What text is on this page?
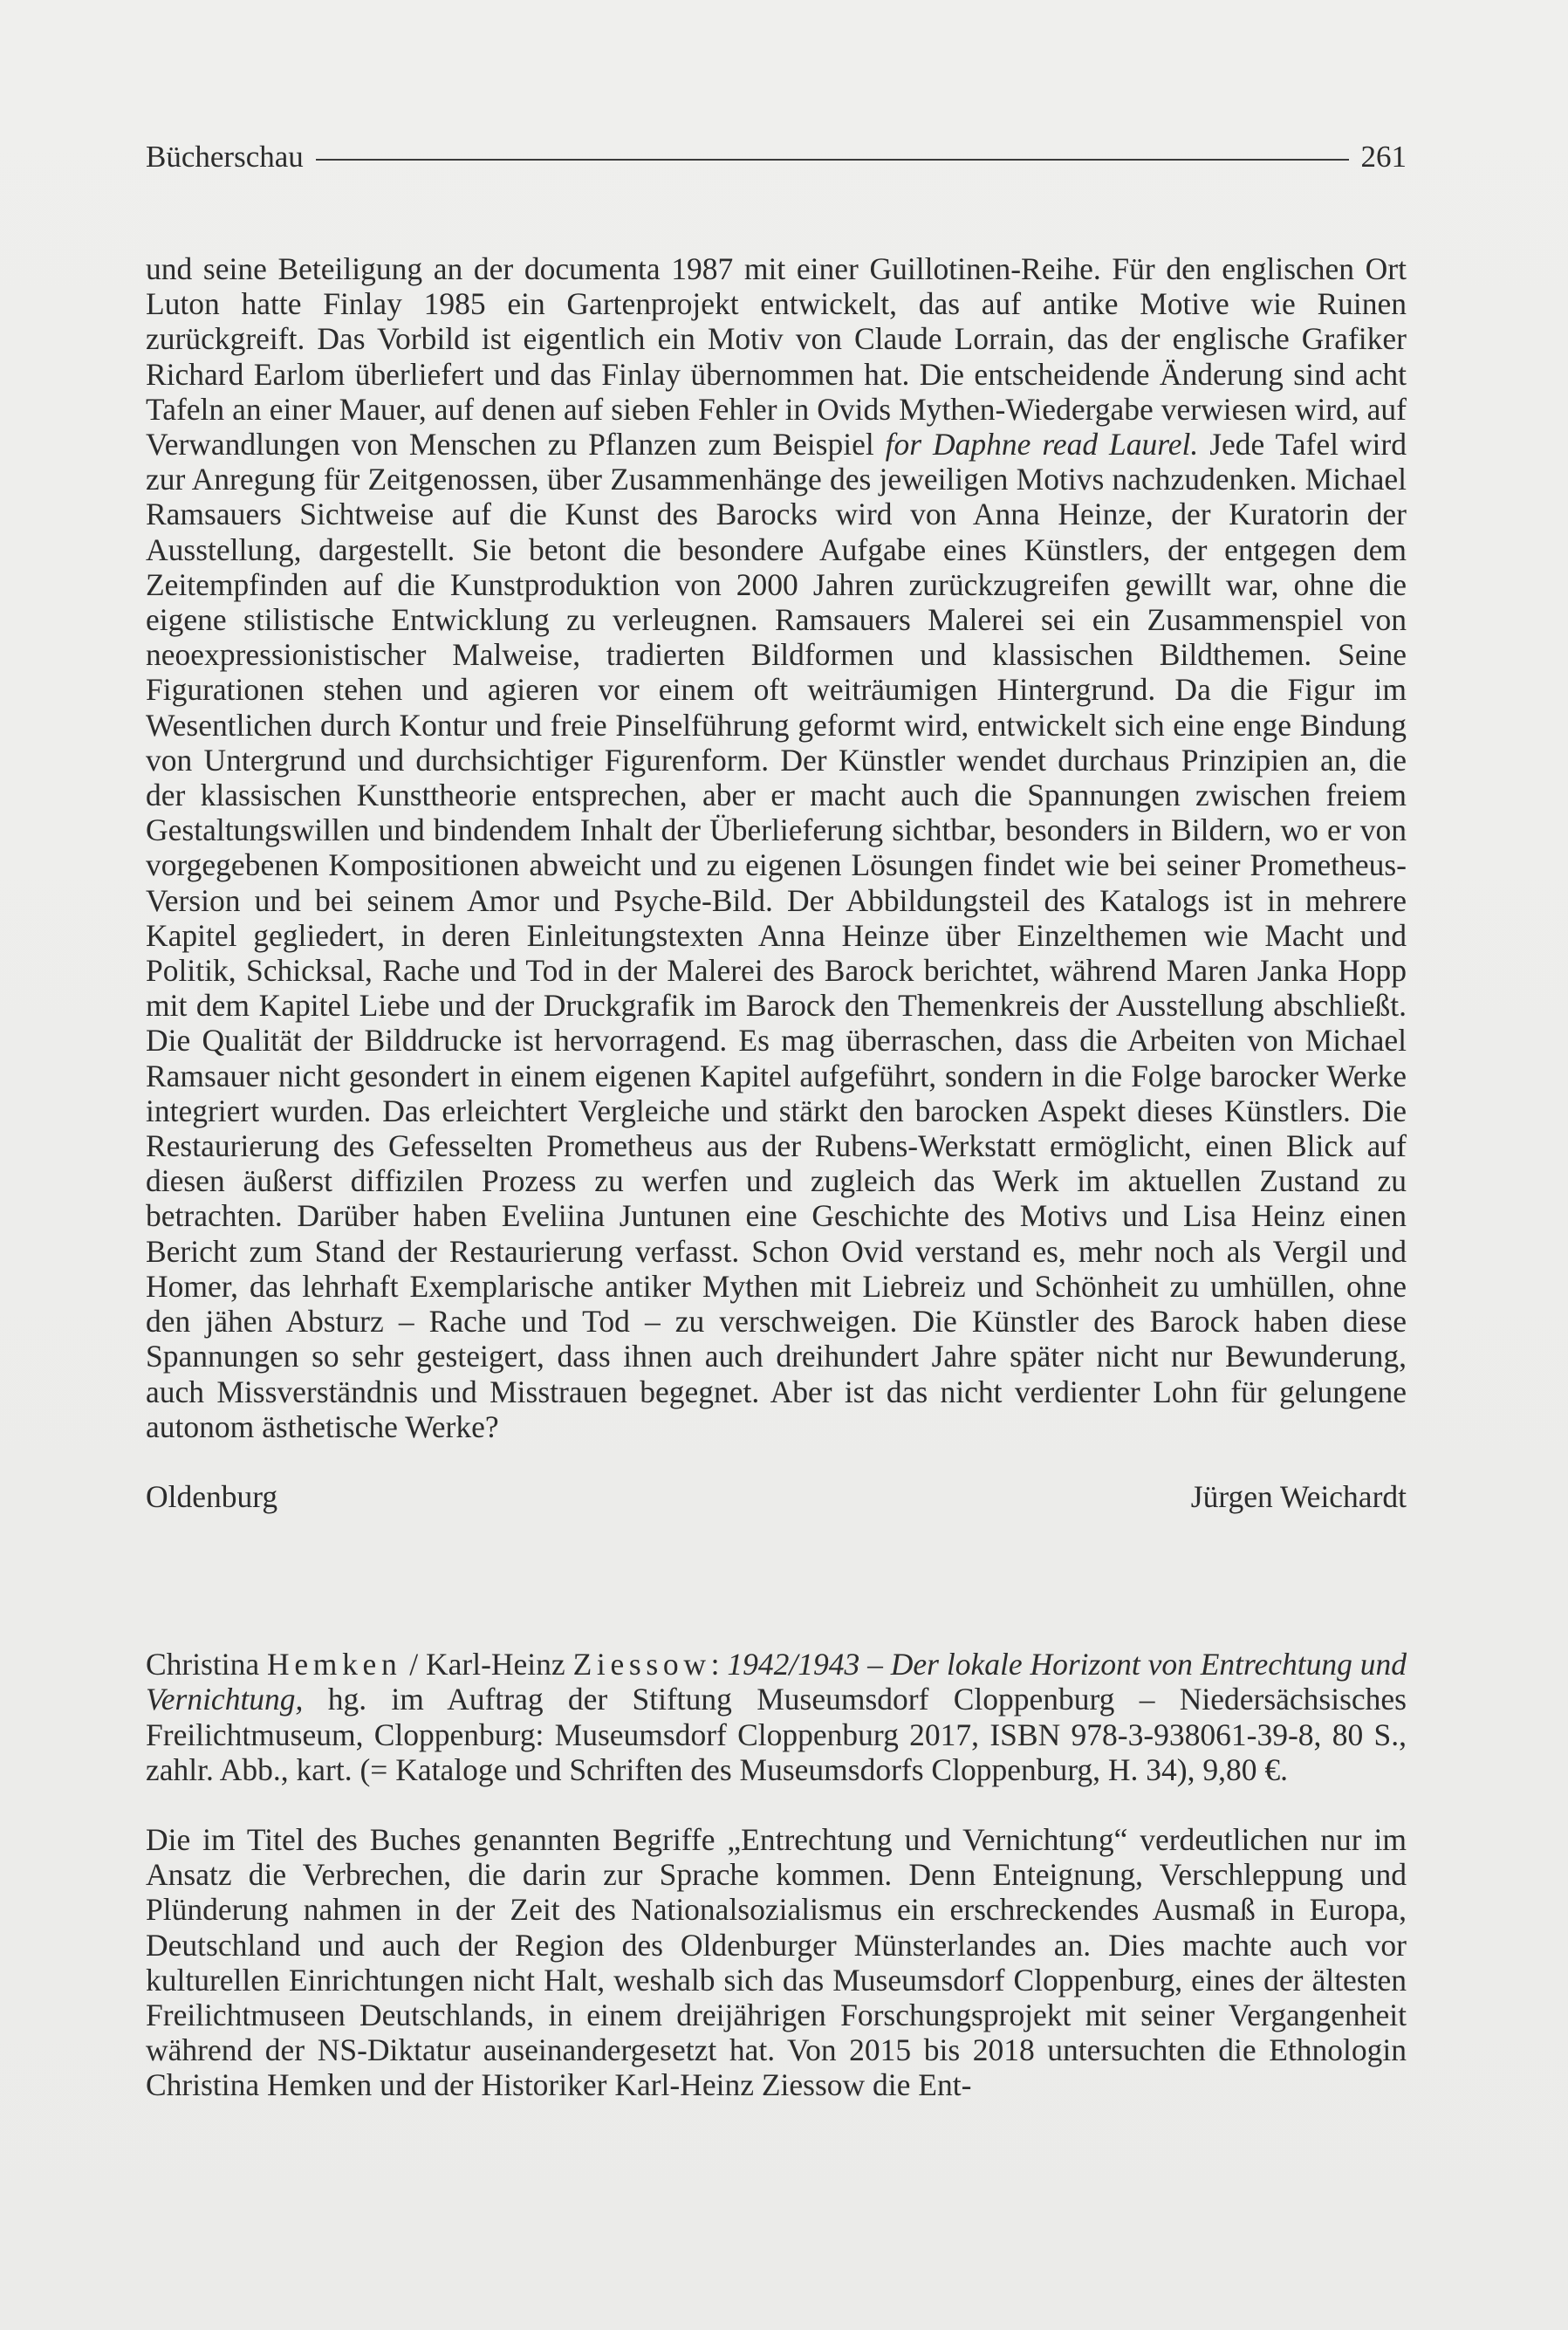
Bücherschau	261

und seine Beteiligung an der documenta 1987 mit einer Guillotinen-Reihe. Für den englischen Ort Luton hatte Finlay 1985 ein Gartenprojekt entwickelt, das auf antike Motive wie Ruinen zurückgreift. Das Vorbild ist eigentlich ein Motiv von Claude Lorrain, das der englische Grafiker Richard Earlom überliefert und das Finlay übernommen hat. Die entscheidende Änderung sind acht Tafeln an einer Mauer, auf denen auf sieben Fehler in Ovids Mythen-Wiedergabe verwiesen wird, auf Verwandlungen von Menschen zu Pflanzen zum Beispiel for Daphne read Laurel. Jede Tafel wird zur Anregung für Zeitgenossen, über Zusammenhänge des jeweiligen Motivs nachzudenken. Michael Ramsauers Sichtweise auf die Kunst des Barocks wird von Anna Heinze, der Kuratorin der Ausstellung, dargestellt. Sie betont die besondere Aufgabe eines Künstlers, der entgegen dem Zeitempfinden auf die Kunstproduktion von 2000 Jahren zurückzugreifen gewillt war, ohne die eigene stilistische Entwicklung zu verleugnen. Ramsauers Malerei sei ein Zusammenspiel von neoexpressionistischer Malweise, tradierten Bildformen und klassischen Bildthemen. Seine Figurationen stehen und agieren vor einem oft weiträumigen Hintergrund. Da die Figur im Wesentlichen durch Kontur und freie Pinselführung geformt wird, entwickelt sich eine enge Bindung von Untergrund und durchsichtiger Figurenform. Der Künstler wendet durchaus Prinzipien an, die der klassischen Kunsttheorie entsprechen, aber er macht auch die Spannungen zwischen freiem Gestaltungswillen und bindendem Inhalt der Überlieferung sichtbar, besonders in Bildern, wo er von vorgegebenen Kompositionen abweicht und zu eigenen Lösungen findet wie bei seiner Prometheus-Version und bei seinem Amor und Psyche-Bild. Der Abbildungsteil des Katalogs ist in mehrere Kapitel gegliedert, in deren Einleitungstexten Anna Heinze über Einzelthemen wie Macht und Politik, Schicksal, Rache und Tod in der Malerei des Barock berichtet, während Maren Janka Hopp mit dem Kapitel Liebe und der Druckgrafik im Barock den Themenkreis der Ausstellung abschließt. Die Qualität der Bilddrucke ist hervorragend. Es mag überraschen, dass die Arbeiten von Michael Ramsauer nicht gesondert in einem eigenen Kapitel aufgeführt, sondern in die Folge barocker Werke integriert wurden. Das erleichtert Vergleiche und stärkt den barocken Aspekt dieses Künstlers. Die Restaurierung des Gefesselten Prometheus aus der Rubens-Werkstatt ermöglicht, einen Blick auf diesen äußerst diffizilen Prozess zu werfen und zugleich das Werk im aktuellen Zustand zu betrachten. Darüber haben Eveliina Juntunen eine Geschichte des Motivs und Lisa Heinz einen Bericht zum Stand der Restaurierung verfasst. Schon Ovid verstand es, mehr noch als Vergil und Homer, das lehrhaft Exemplarische antiker Mythen mit Liebreiz und Schönheit zu umhüllen, ohne den jähen Absturz – Rache und Tod – zu verschweigen. Die Künstler des Barock haben diese Spannungen so sehr gesteigert, dass ihnen auch dreihundert Jahre später nicht nur Bewunderung, auch Missverständnis und Misstrauen begegnet. Aber ist das nicht verdienter Lohn für gelungene autonom ästhetische Werke?

Oldenburg	Jürgen Weichardt

Christina Hemken / Karl-Heinz Ziessow: 1942/1943 – Der lokale Horizont von Entrechtung und Vernichtung, hg. im Auftrag der Stiftung Museumsdorf Cloppenburg – Niedersächsisches Freilichtmuseum, Cloppenburg: Museumsdorf Cloppenburg 2017, ISBN 978-3-938061-39-8, 80 S., zahlr. Abb., kart. (= Kataloge und Schriften des Museumsdorfs Cloppenburg, H. 34), 9,80 €.

Die im Titel des Buches genannten Begriffe „Entrechtung und Vernichtung“ verdeutlichen nur im Ansatz die Verbrechen, die darin zur Sprache kommen. Denn Enteignung, Verschleppung und Plünderung nahmen in der Zeit des Nationalsozialismus ein erschreckendes Ausmaß in Europa, Deutschland und auch der Region des Oldenburger Münsterlandes an. Dies machte auch vor kulturellen Einrichtungen nicht Halt, weshalb sich das Museumsdorf Cloppenburg, eines der ältesten Freilichtmuseen Deutschlands, in einem dreijährigen Forschungsprojekt mit seiner Vergangenheit während der NS-Diktatur auseinandergesetzt hat. Von 2015 bis 2018 untersuchten die Ethnologin Christina Hemken und der Historiker Karl-Heinz Ziessow die Ent-
